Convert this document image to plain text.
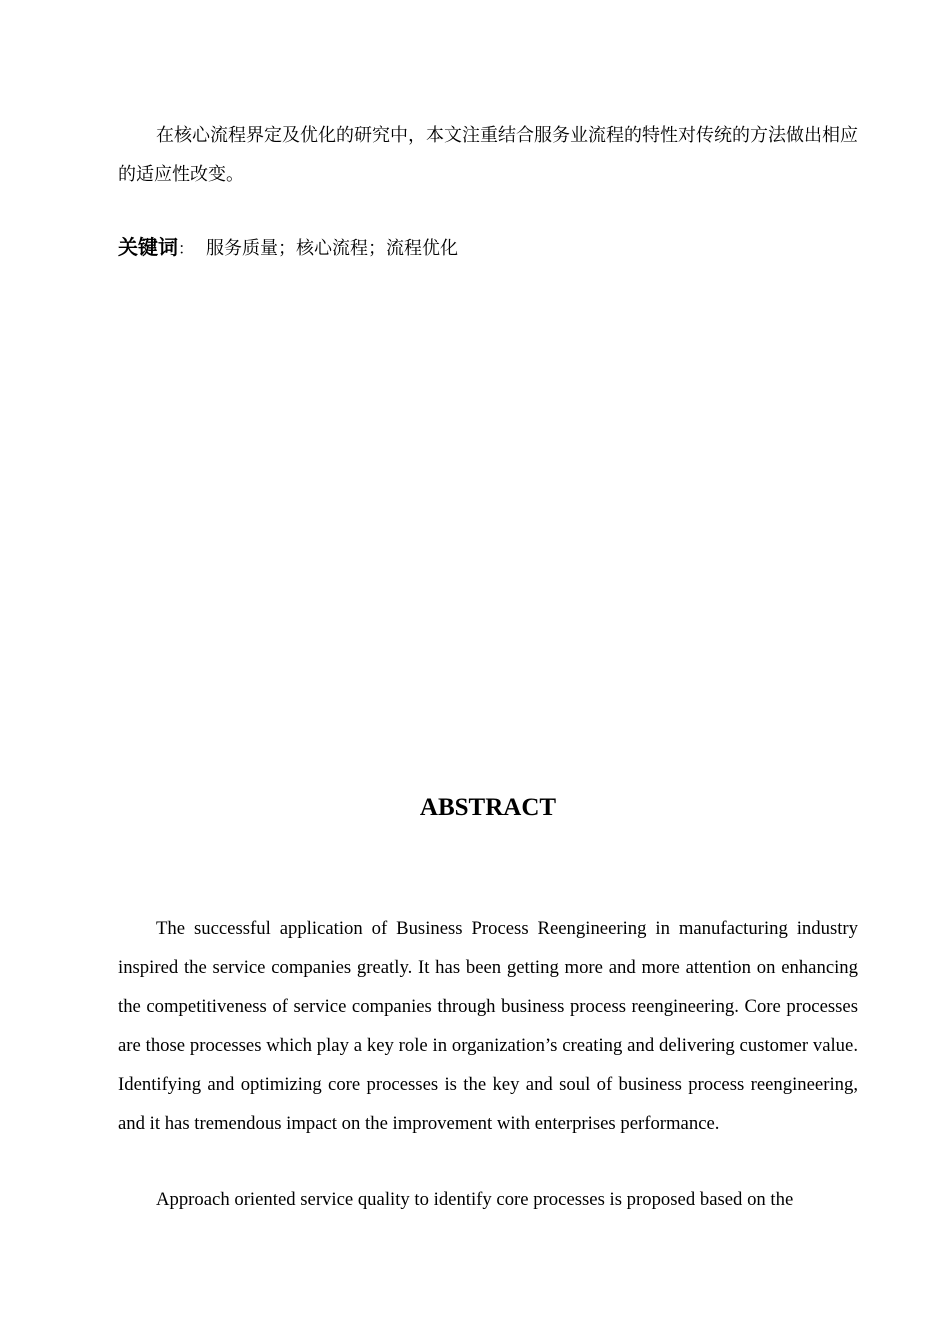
在核心流程界定及优化的研究中，本文注重结合服务业流程的特性对传统的方法做出相应的适应性改变。

关键词： 服务质量；核心流程；流程优化

ABSTRACT

The successful application of Business Process Reengineering in manufacturing industry inspired the service companies greatly. It has been getting more and more attention on enhancing the competitiveness of service companies through business process reengineering. Core processes are those processes which play a key role in organization’s creating and delivering customer value. Identifying and optimizing core processes is the key and soul of business process reengineering, and it has tremendous impact on the improvement with enterprises performance.

Approach oriented service quality to identify core processes is proposed based on the
